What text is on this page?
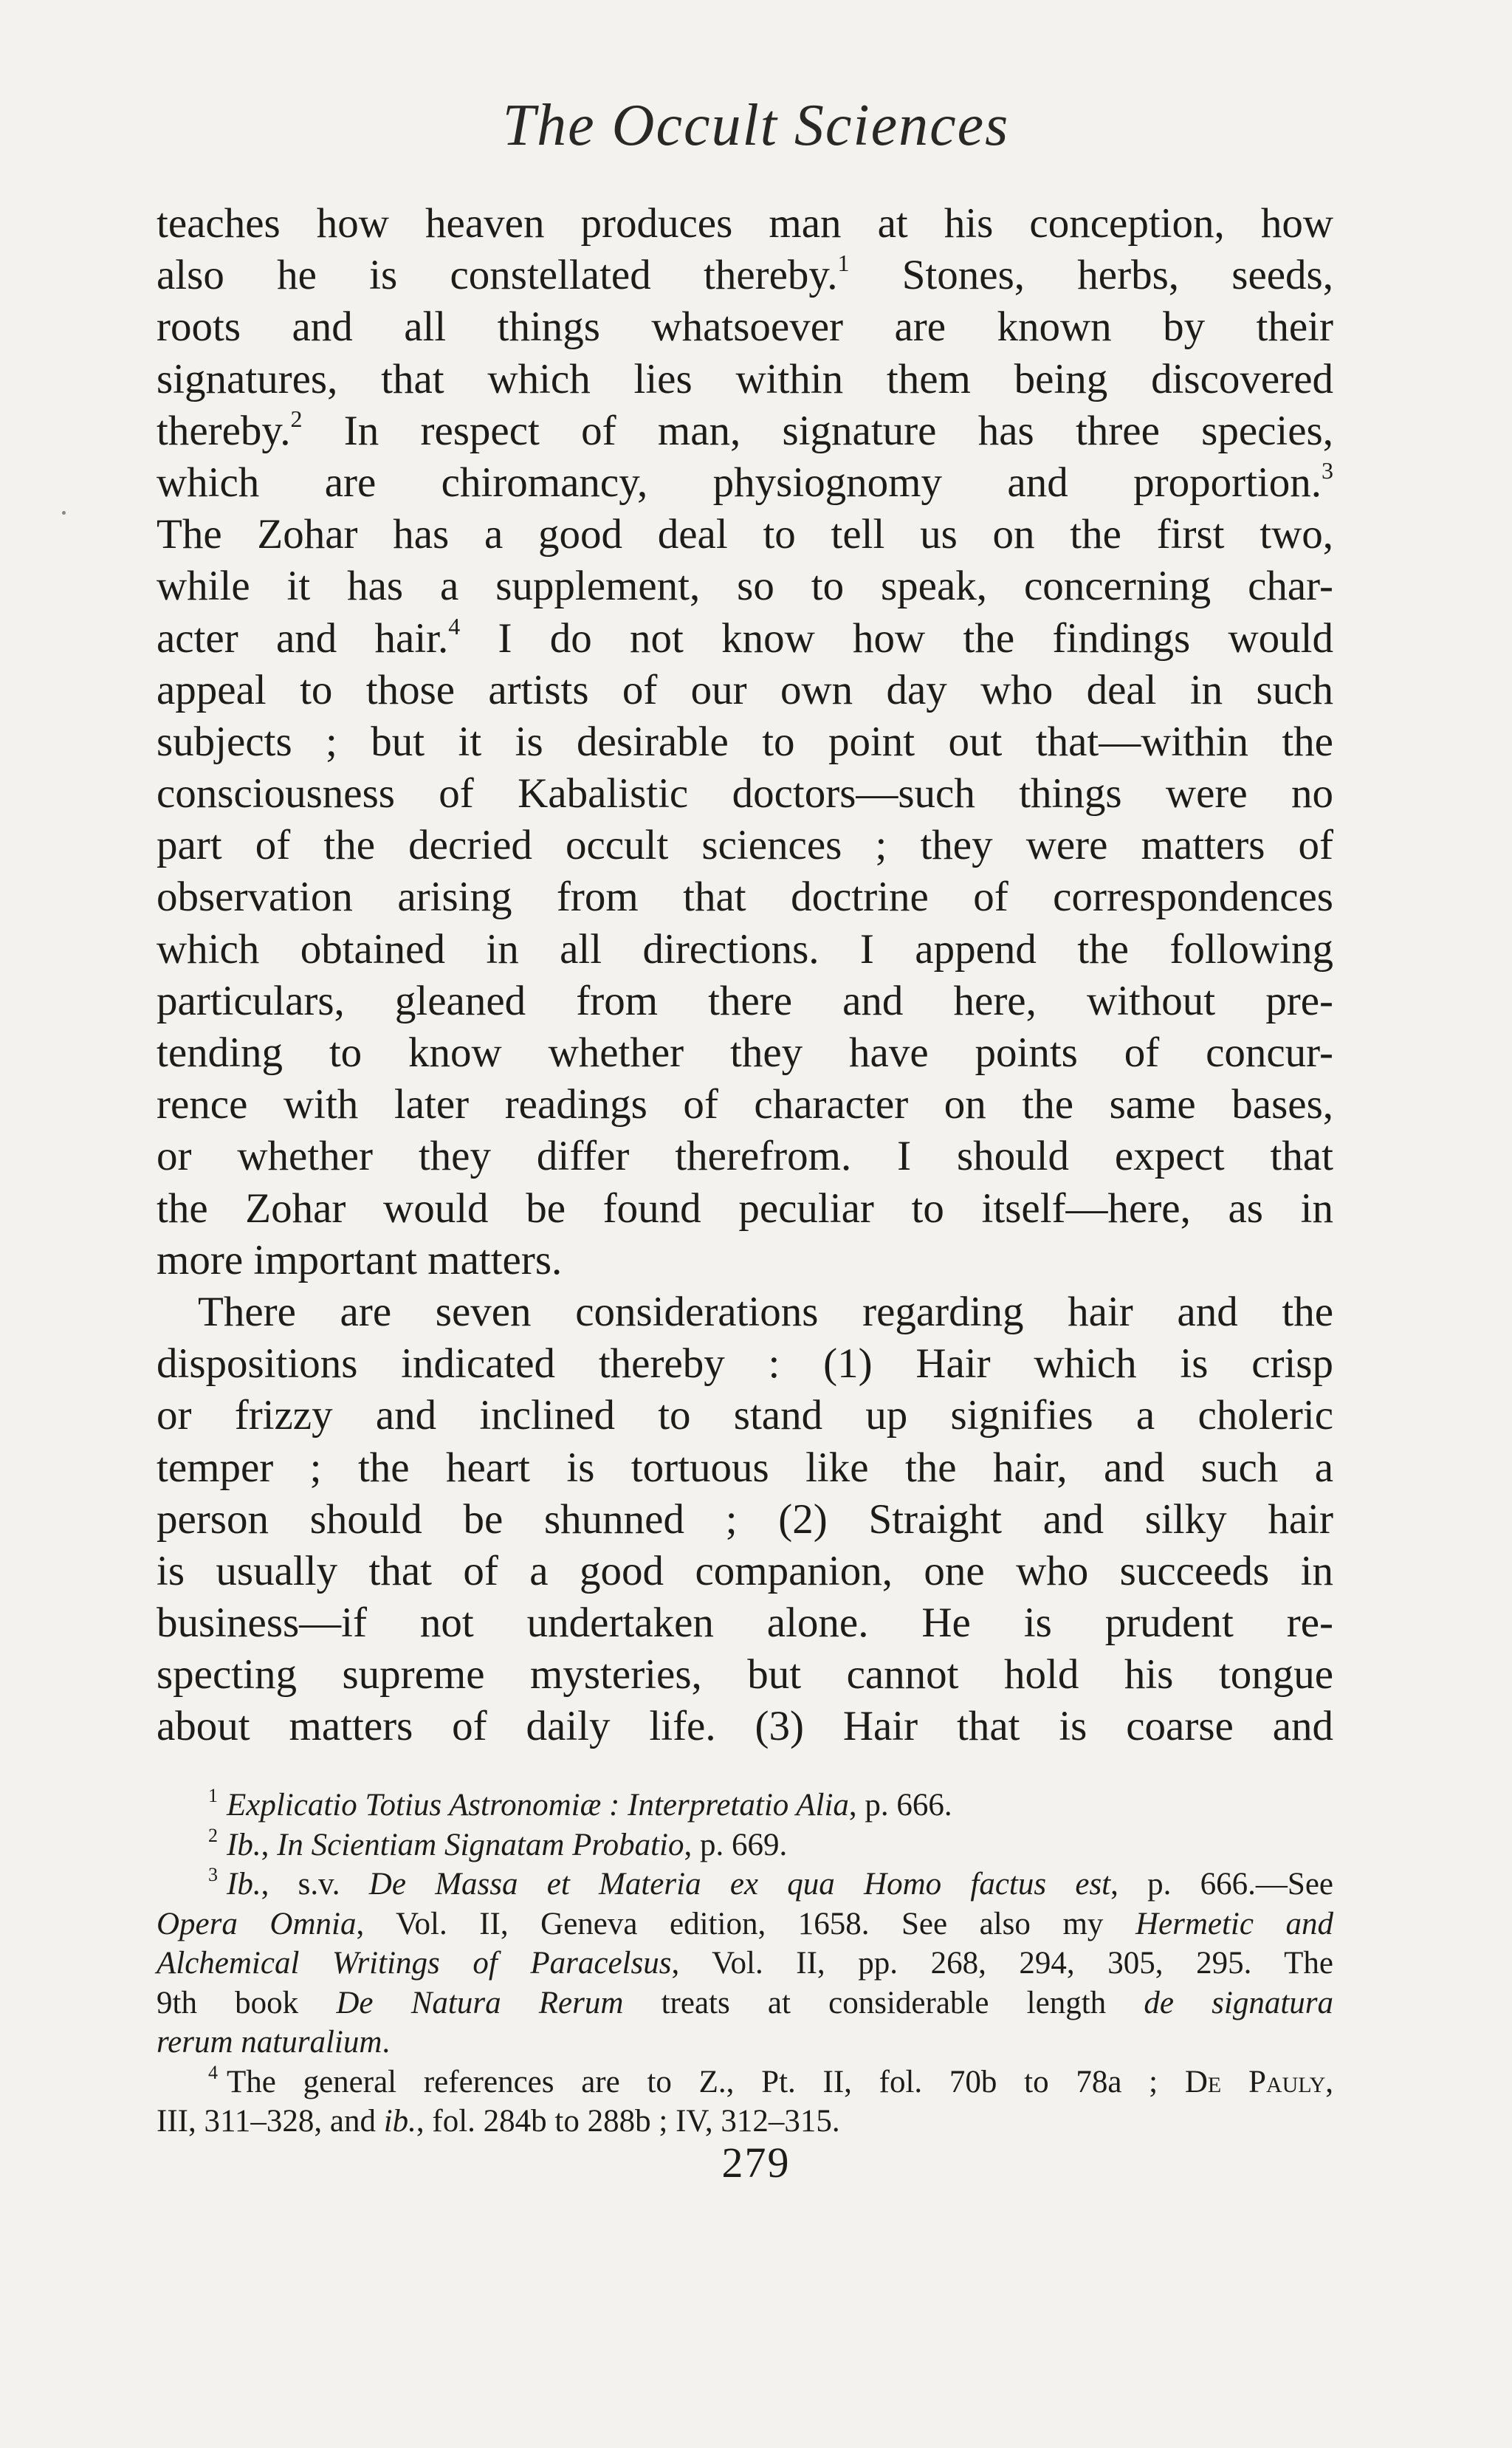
The Occult Sciences
teaches how heaven produces man at his conception, how
also he is constellated thereby.$^1$ Stones, herbs, seeds,
roots and all things whatsoever are known by their
signatures, that which lies within them being discovered
thereby.$^2$ In respect of man, signature has three species,
which are chiromancy, physiognomy and proportion.$^3$
The Zohar has a good deal to tell us on the first two,
while it has a supplement, so to speak, concerning char-
acter and hair.$^4$ I do not know how the findings would
appeal to those artists of our own day who deal in such
subjects ; but it is desirable to point out that—within the
consciousness of Kabalistic doctors—such things were no
part of the decried occult sciences ; they were matters of
observation arising from that doctrine of correspondences
which obtained in all directions. I append the following
particulars, gleaned from there and here, without pre-
tending to know whether they have points of concur-
rence with later readings of character on the same bases,
or whether they differ therefrom. I should expect that
the Zohar would be found peculiar to itself—here, as in
more important matters.
There are seven considerations regarding hair and the
dispositions indicated thereby : (1) Hair which is crisp
or frizzy and inclined to stand up signifies a choleric
temper ; the heart is tortuous like the hair, and such a
person should be shunned ; (2) Straight and silky hair
is usually that of a good companion, one who succeeds in
business—if not undertaken alone. He is prudent re-
specting supreme mysteries, but cannot hold his tongue
about matters of daily life. (3) Hair that is coarse and
$^1$ Explicatio Totius Astronomiæ : Interpretatio Alia, p. 666.
$^2$ Ib., In Scientiam Signatam Probatio, p. 669.
$^3$ Ib., s.v. De Massa et Materia ex qua Homo factus est, p. 666.—See
Opera Omnia, Vol. II, Geneva edition, 1658. See also my Hermetic and
Alchemical Writings of Paracelsus, Vol. II, pp. 268, 294, 305, 295. The
9th book De Natura Rerum treats at considerable length de signatura
rerum naturalium.
$^4$ The general references are to Z., Pt. II, fol. 70b to 78a ; De Pauly,
III, 311–328, and ib., fol. 284b to 288b ; IV, 312–315.
279
